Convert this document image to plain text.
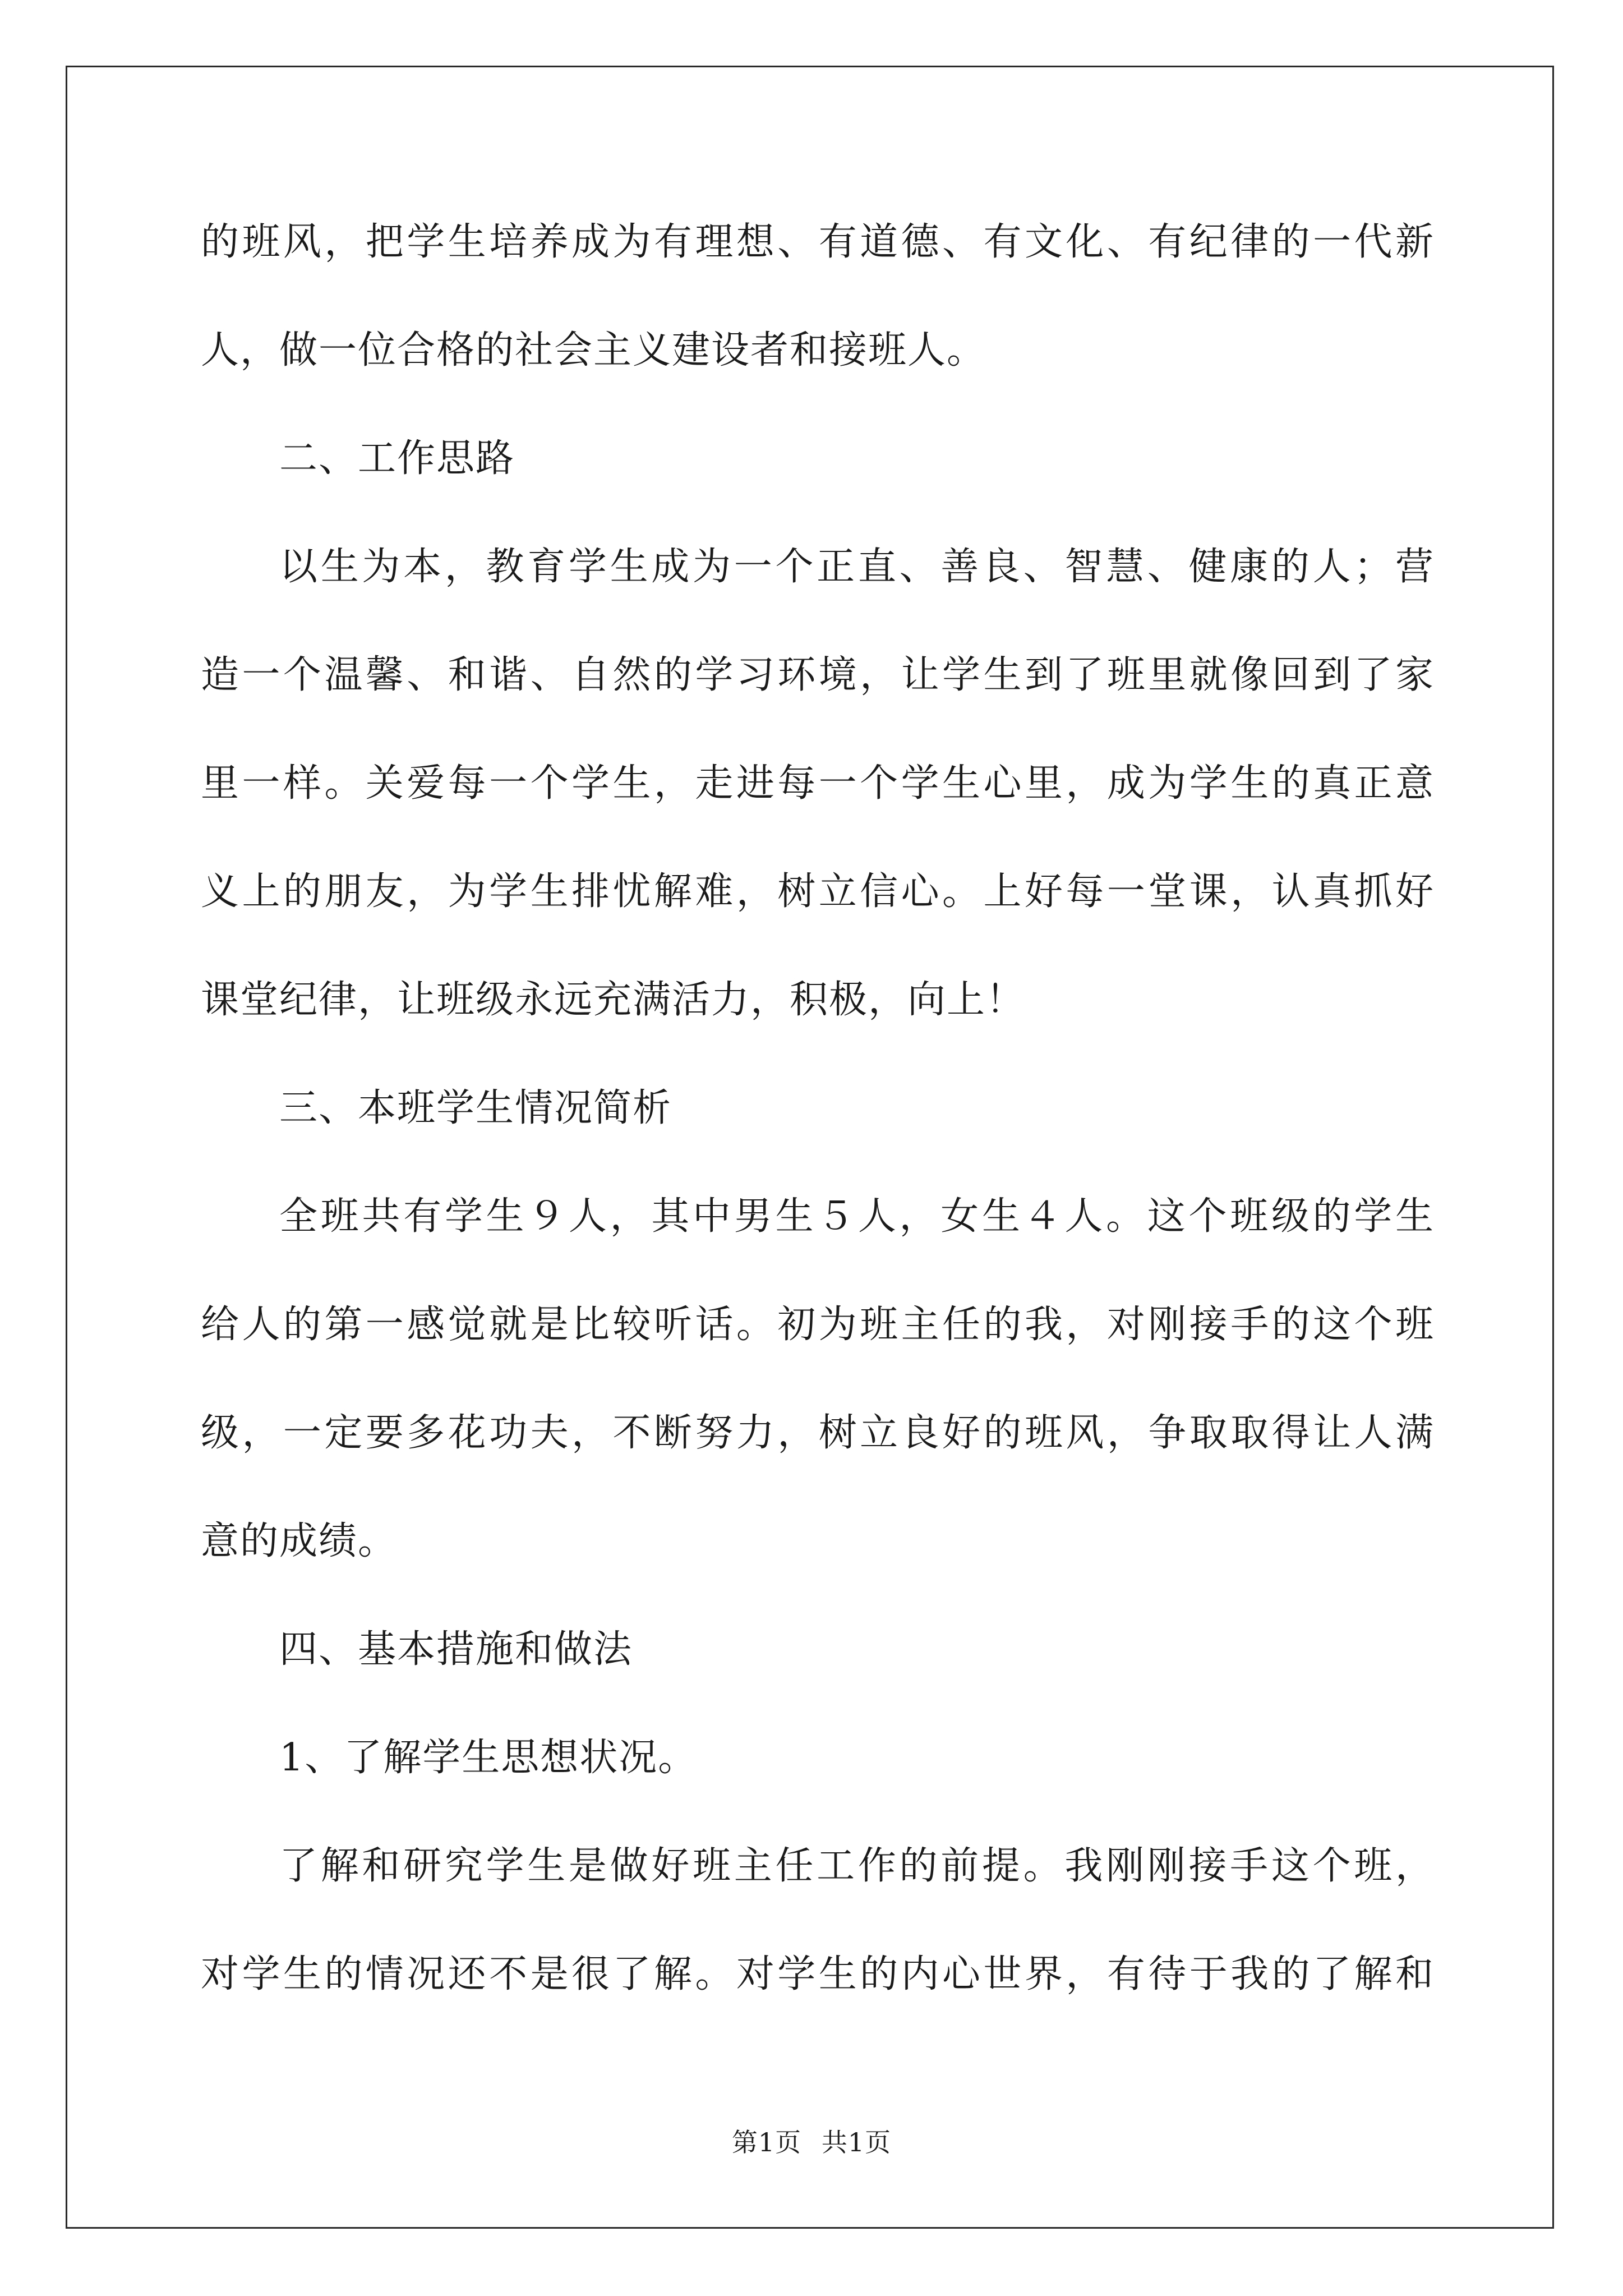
的班风，把学生培养成为有理想、有道德、有文化、有纪律的一代新
人，做一位合格的社会主义建设者和接班人。
二、工作思路
以生为本，教育学生成为一个正直、善良、智慧、健康的人；营
造一个温馨、和谐、自然的学习环境，让学生到了班里就像回到了家
里一样。关爱每一个学生，走进每一个学生心里，成为学生的真正意
义上的朋友，为学生排忧解难，树立信心。上好每一堂课，认真抓好
课堂纪律，让班级永远充满活力，积极，向上！
三、本班学生情况简析
全班共有学生９人，其中男生５人，女生４人。这个班级的学生
给人的第一感觉就是比较听话。初为班主任的我，对刚接手的这个班
级，一定要多花功夫，不断努力，树立良好的班风，争取取得让人满
意的成绩。
四、基本措施和做法
1、了解学生思想状况。
了解和研究学生是做好班主任工作的前提。我刚刚接手这个班，
对学生的情况还不是很了解。对学生的内心世界，有待于我的了解和
第1页 共1页
